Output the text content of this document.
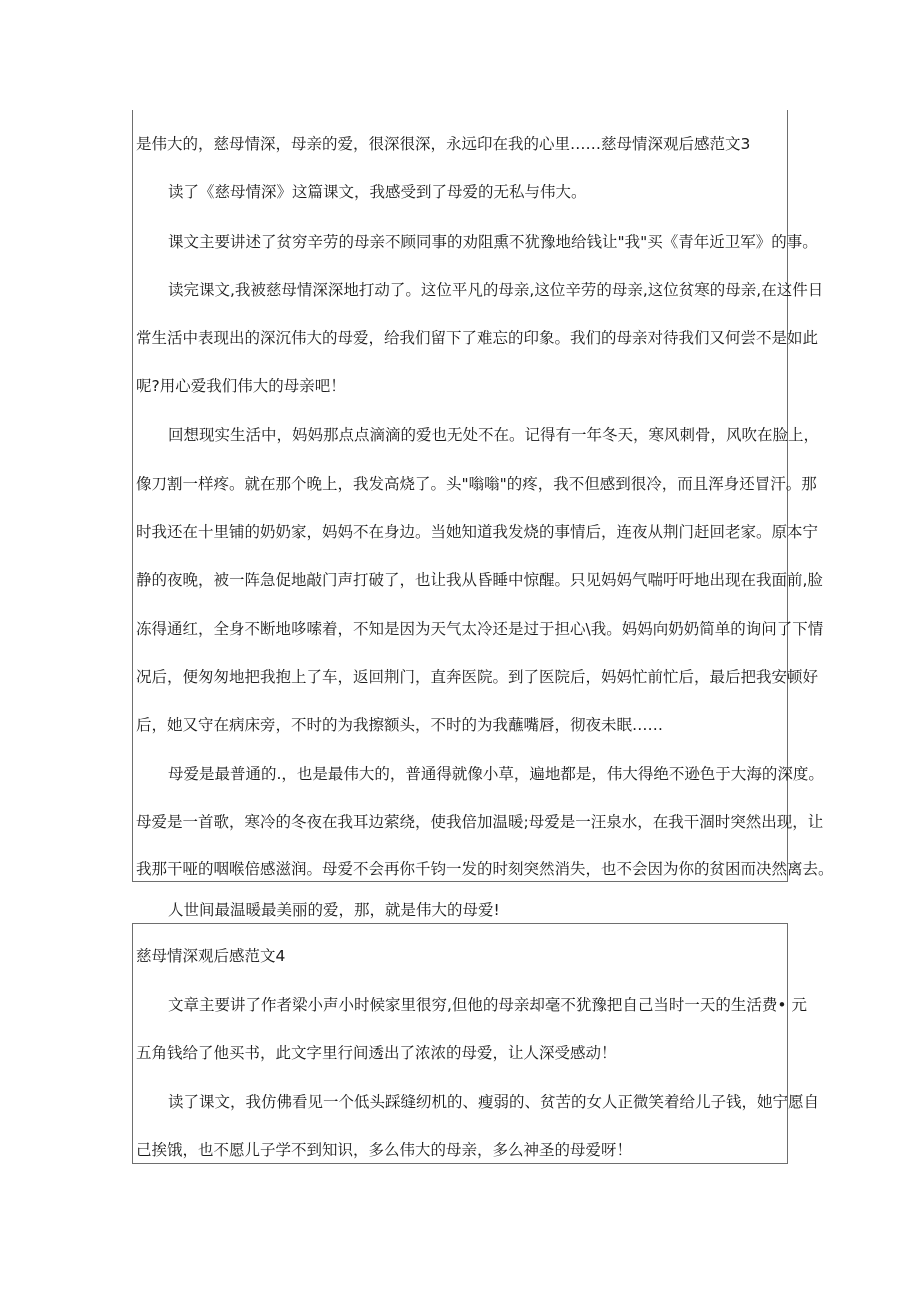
是伟大的，慈母情深，母亲的爱，很深很深，永远印在我的心里……慈母情深观后感范文3
读了《慈母情深》这篇课文，我感受到了母爱的无私与伟大。
课文主要讲述了贫穷辛劳的母亲不顾同事的劝阻熏不犹豫地给钱让"我"买《青年近卫军》的事。
读完课文,我被慈母情深深地打动了。这位平凡的母亲,这位辛劳的母亲,这位贫寒的母亲,在这件日
常生活中表现出的深沉伟大的母爱，给我们留下了难忘的印象。我们的母亲对待我们又何尝不是如此
呢?用心爱我们伟大的母亲吧！
回想现实生活中，妈妈那点点滴滴的爱也无处不在。记得有一年冬天，寒风刺骨，风吹在脸上，
像刀割一样疼。就在那个晚上，我发高烧了。头"嗡嗡"的疼，我不但感到很冷，而且浑身还冒汗。那
时我还在十里铺的奶奶家，妈妈不在身边。当她知道我发烧的事情后，连夜从荆门赶回老家。原本宁
静的夜晚，被一阵急促地敲门声打破了，也让我从昏睡中惊醒。只见妈妈气喘吁吁地出现在我面前,脸
冻得通红，全身不断地哆嗦着，不知是因为天气太冷还是过于担心\我。妈妈向奶奶简单的询问了下情
况后，便匆匆地把我抱上了车，返回荆门，直奔医院。到了医院后，妈妈忙前忙后，最后把我安顿好
后，她又守在病床旁，不时的为我擦额头，不时的为我蘸嘴唇，彻夜未眠……
母爱是最普通的.，也是最伟大的，普通得就像小草，遍地都是，伟大得绝不逊色于大海的深度。
母爱是一首歌，寒冷的冬夜在我耳边萦绕，使我倍加温暖;母爱是一汪泉水，在我干涸时突然出现，让
我那干哑的咽喉倍感滋润。母爱不会再你千钧一发的时刻突然消失，也不会因为你的贫困而决然离去。
人世间最温暖最美丽的爱，那，就是伟大的母爱!
慈母情深观后感范文4
文章主要讲了作者梁小声小时候家里很穷,但他的母亲却毫不犹豫把自己当时一天的生活费• 元
五角钱给了他买书，此文字里行间透出了浓浓的母爱，让人深受感动！
读了课文，我仿佛看见一个低头踩缝纫机的、瘦弱的、贫苦的女人正微笑着给儿子钱，她宁愿自
己挨饿，也不愿儿子学不到知识，多么伟大的母亲，多么神圣的母爱呀！
